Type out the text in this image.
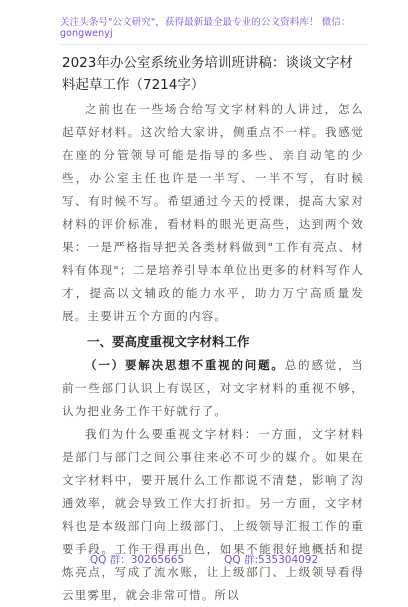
关注头条号"公文研究"，获得最新最全最专业的公文资料库！ 微信：gongwenyj
2023年办公室系统业务培训班讲稿：谈谈文字材料起草工作（7214字）

之前也在一些场合给写文字材料的人讲过，怎么起草好材料。这次给大家讲，侧重点不一样。我感觉在座的分管领导可能是指导的多些、亲自动笔的少些，办公室主任也许是一半写、一半不写，有时候写、有时候不写。希望通过今天的授课，提高大家对材料的评价标准，看材料的眼光更高些，达到两个效果：一是严格指导把关各类材料做到"工作有亮点、材料有体现"；二是培养引导本单位出更多的材料写作人才，提高以文辅政的能力水平，助力万宁高质量发展。主要讲五个方面的内容。

一、要高度重视文字材料工作

（一）要解决思想不重视的问题。总的感觉，当前一些部门认识上有误区，对文字材料的重视不够，认为把业务工作干好就行了。

我们为什么要重视文字材料：一方面，文字材料是部门与部门之间公事往来必不可少的媒介。如果在文字材料中，要开展什么工作都说不清楚，影响了沟通效率，就会导致工作大打折扣。另一方面，文字材料也是本级部门向上级部门、上级领导汇报工作的重要手段。工作干得再出色，如果不能很好地概括和提炼亮点，写成了流水账，让上级部门、上级领导看得云里雾里，就会非常可惜。所以

QQ 群：30265665	QQ 群:535304092
